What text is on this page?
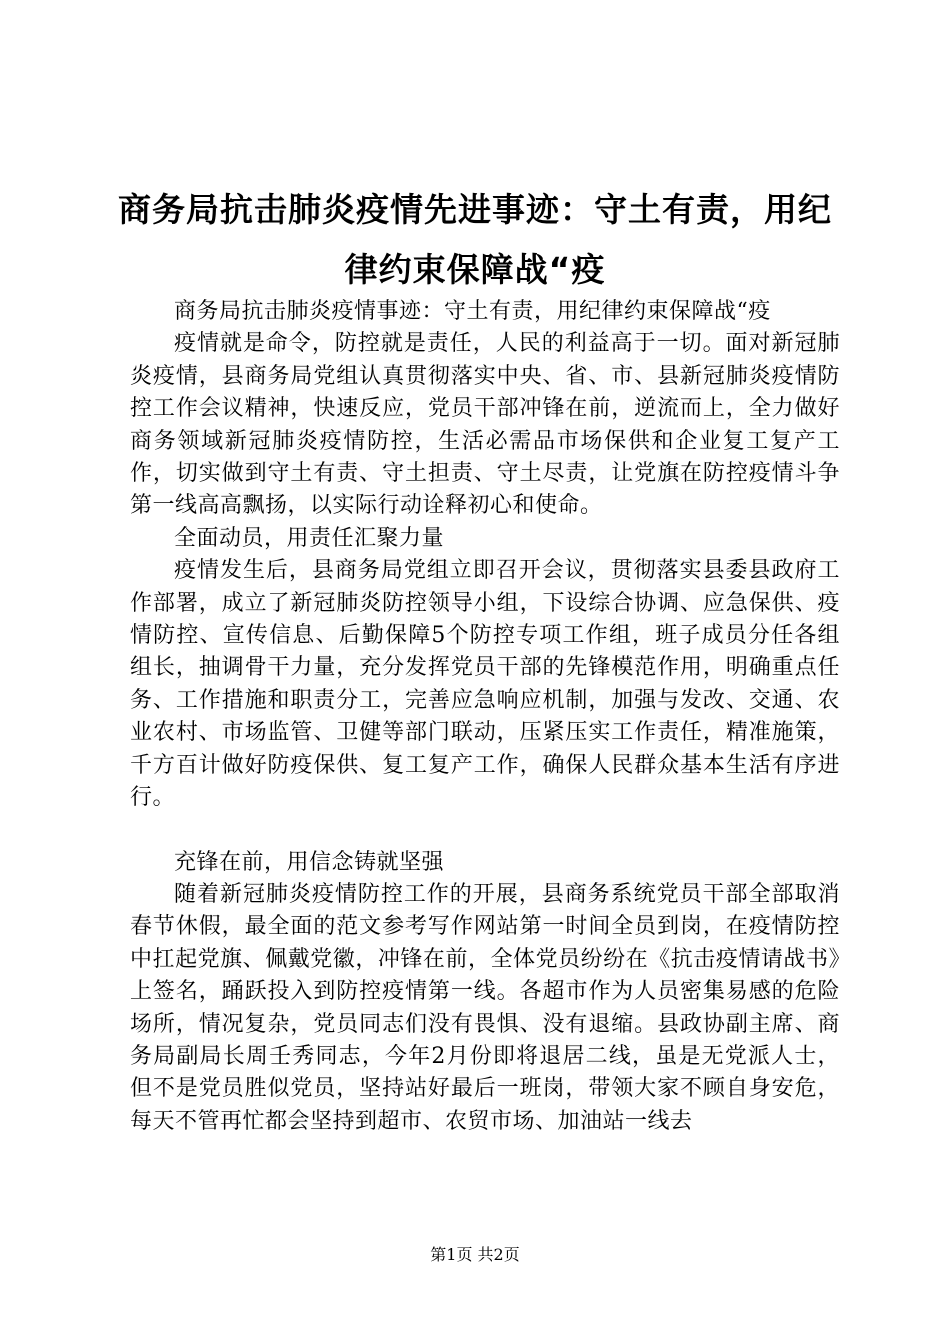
商务局抗击肺炎疫情先进事迹：守土有责，用纪律约束保障战“疫

商务局抗击肺炎疫情事迹：守土有责，用纪律约束保障战“疫

疫情就是命令，防控就是责任，人民的利益高于一切。面对新冠肺炎疫情，县商务局党组认真贯彻落实中央、省、市、县新冠肺炎疫情防控工作会议精神，快速反应，党员干部冲锋在前，逆流而上，全力做好商务领域新冠肺炎疫情防控，生活必需品市场保供和企业复工复产工作，切实做到守土有责、守土担责、守土尽责，让党旗在防控疫情斗争第一线高高飘扬，以实际行动诠释初心和使命。

全面动员，用责任汇聚力量

疫情发生后，县商务局党组立即召开会议，贯彻落实县委县政府工作部署，成立了新冠肺炎防控领导小组，下设综合协调、应急保供、疫情防控、宣传信息、后勤保障5个防控专项工作组，班子成员分任各组组长，抽调骨干力量，充分发挥党员干部的先锋模范作用，明确重点任务、工作措施和职责分工，完善应急响应机制，加强与发改、交通、农业农村、市场监管、卫健等部门联动，压紧压实工作责任，精准施策，千方百计做好防疫保供、复工复产工作，确保人民群众基本生活有序进行。

充锋在前，用信念铸就坚强

随着新冠肺炎疫情防控工作的开展，县商务系统党员干部全部取消春节休假，最全面的范文参考写作网站第一时间全员到岗，在疫情防控中扛起党旗、佩戴党徽，冲锋在前，全体党员纷纷在《抗击疫情请战书》上签名，踊跃投入到防控疫情第一线。各超市作为人员密集易感的危险场所，情况复杂，党员同志们没有畏惧、没有退缩。县政协副主席、商务局副局长周壬秀同志，今年2月份即将退居二线，虽是无党派人士，但不是党员胜似党员，坚持站好最后一班岗，带领大家不顾自身安危，每天不管再忙都会坚持到超市、农贸市场、加油站一线去

第1页 共2页
